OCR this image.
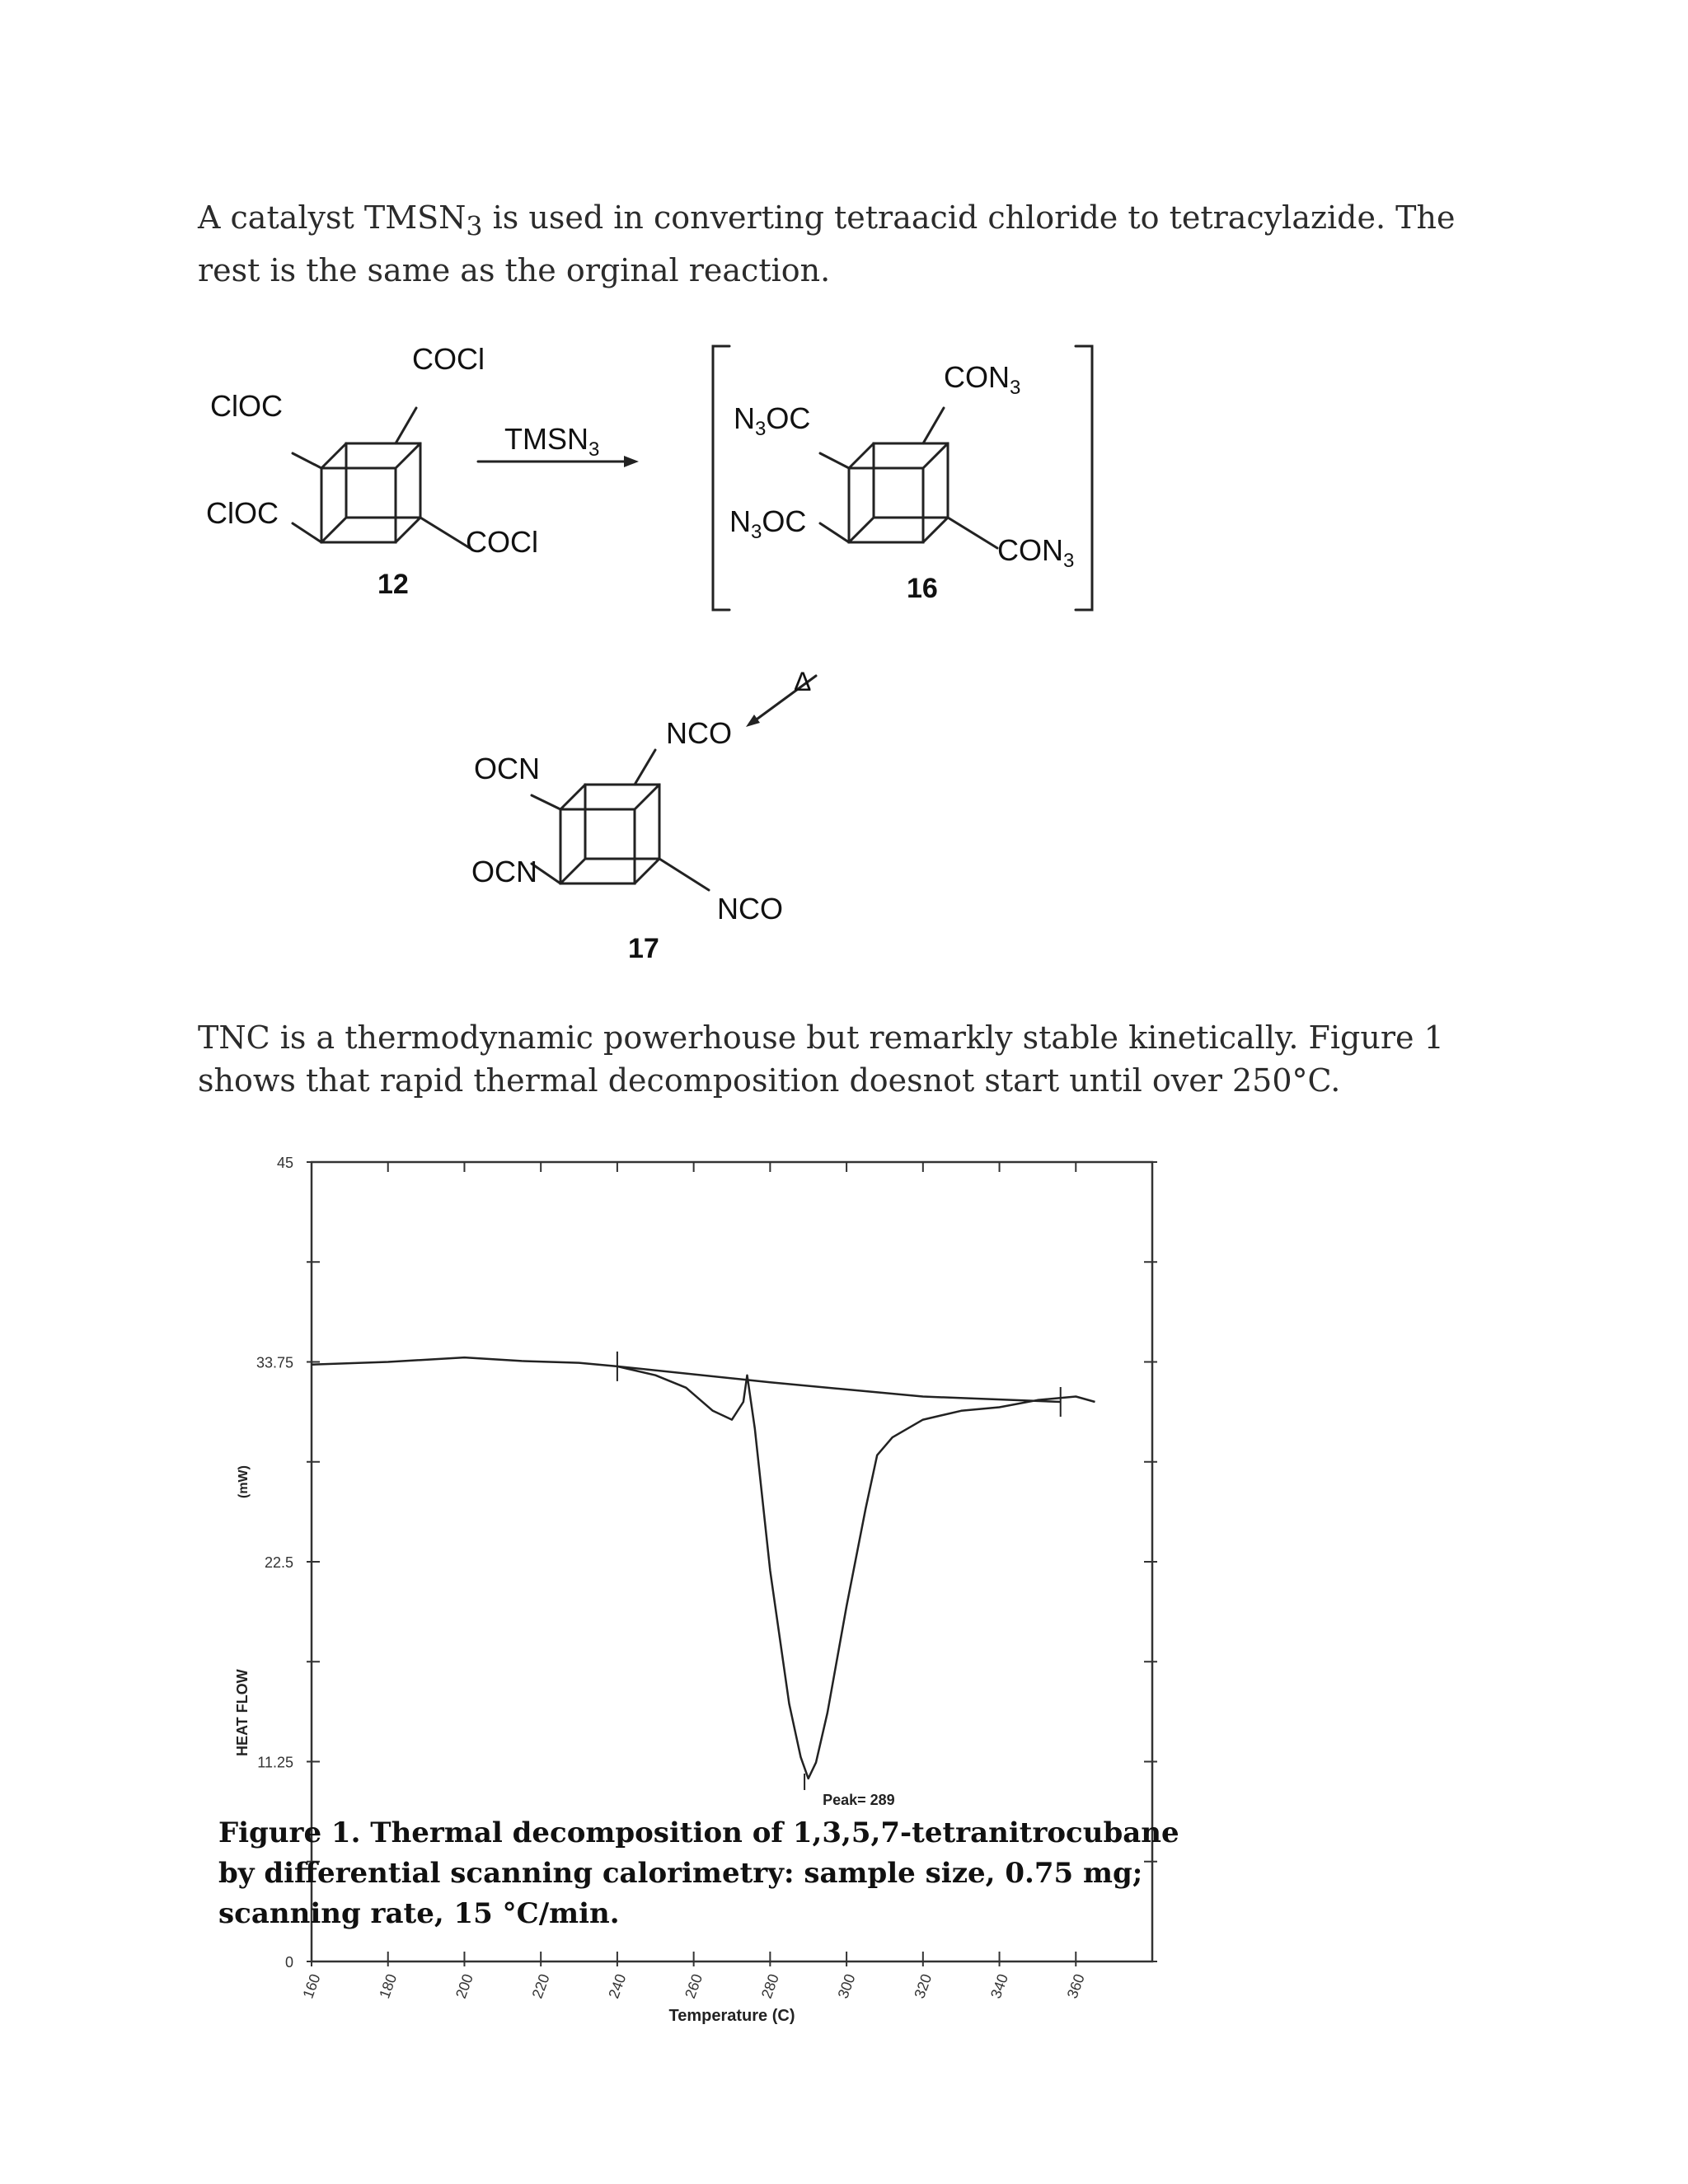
A catalyst $TMSN_3$ is used in converting tetraacid chloride to tetracylazide. The rest is the same as the orginal reaction.

COCl
ClOC
ClOC
COCl
12
$TMSN_3$
$CON_3$
$N_3OC$
$N_3OC$
$CON_3$
16
Δ
NCO
OCN
OCN
NCO
17

TNC is a thermodynamic powerhouse but remarkly stable kinetically. Figure 1 shows that rapid thermal decomposition doesnot start until over 250°C.

160	180	200	220	240	260	280	300	320	340	360
0
11.25
22.5
33.75
45
Peak= 289
Temperature (C)
HEAT FLOW
(mW)

Figure 1. Thermal decomposition of 1,3,5,7-tetranitrocubane by differential scanning calorimetry: sample size, 0.75 mg; scanning rate, 15 °C/min.
